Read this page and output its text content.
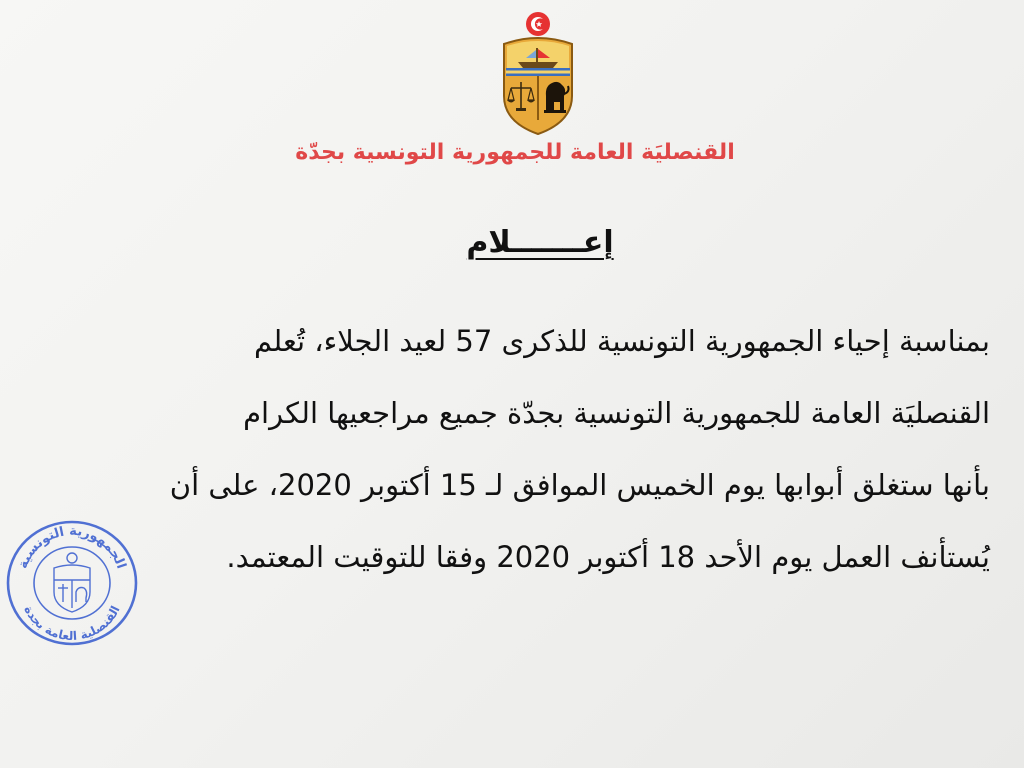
القنصليَة العامة للجمهورية التونسية بجدّة
إعـــــــلام
بمناسبة إحياء الجمهورية التونسية للذكرى 57 لعيد الجلاء، تُعلم
القنصليَة العامة للجمهورية التونسية بجدّة جميع مراجعيها الكرام
بأنها ستغلق أبوابها يوم الخميس الموافق لـ 15 أكتوبر 2020، على أن
يُستأنف العمل يوم الأحد 18 أكتوبر 2020 وفقا للتوقيت المعتمد.
الجمهورية التونسية
القنصلية العامة بجدة
